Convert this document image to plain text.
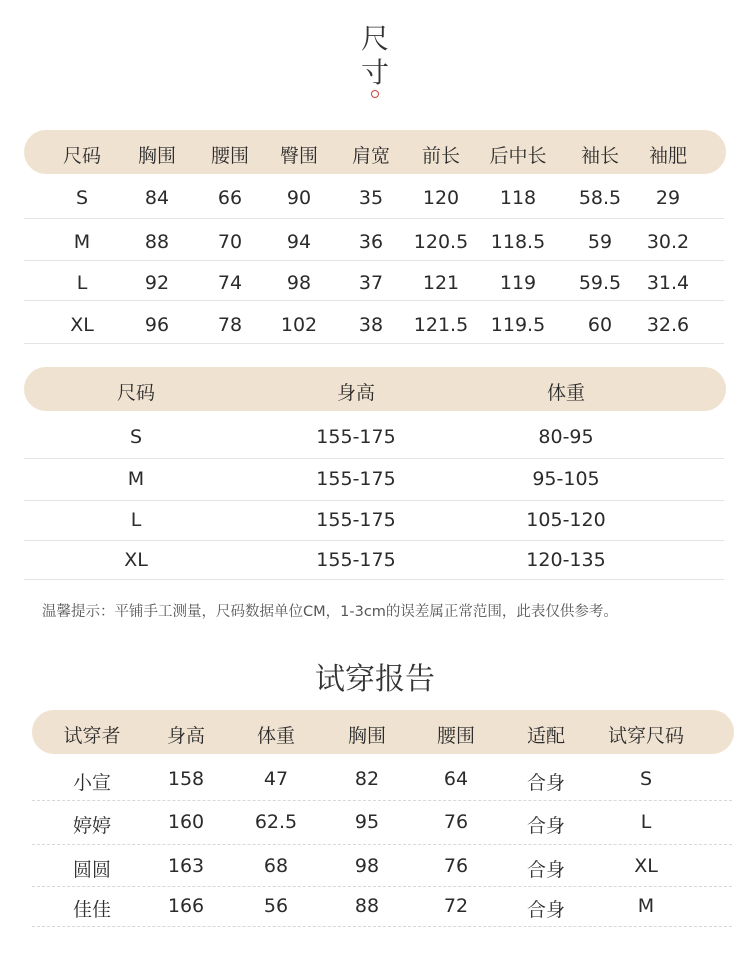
尺
寸
尺码 胸围 腰围 臀围 肩宽 前长 后中长 袖长 袖肥
S	84	66 90	35 120 118 58.5 29
M	88	70 94	36 120.5 118.5 59 30.2
L	92	74 98	37 121 119 59.5 31.4
XL	96	78 102 38 121.5 119.5 60 32.6
尺码	身高	体重
S	155-175	80-95
M	155-175	95-105
L	155-175	105-120
XL	155-175	120-135
温馨提示：平铺手工测量，尺码数据单位CM，1-3cm的误差属正常范围，此表仅供参考。
试穿报告
试穿者 身高	体重	胸围	腰围	适配 试穿尺码
小宣	158	47	82	64	合身	S
婷婷	160	62.5	95	76	合身	L
圆圆	163	68	98	76	合身	XL
佳佳	166	56	88	72	合身	M
